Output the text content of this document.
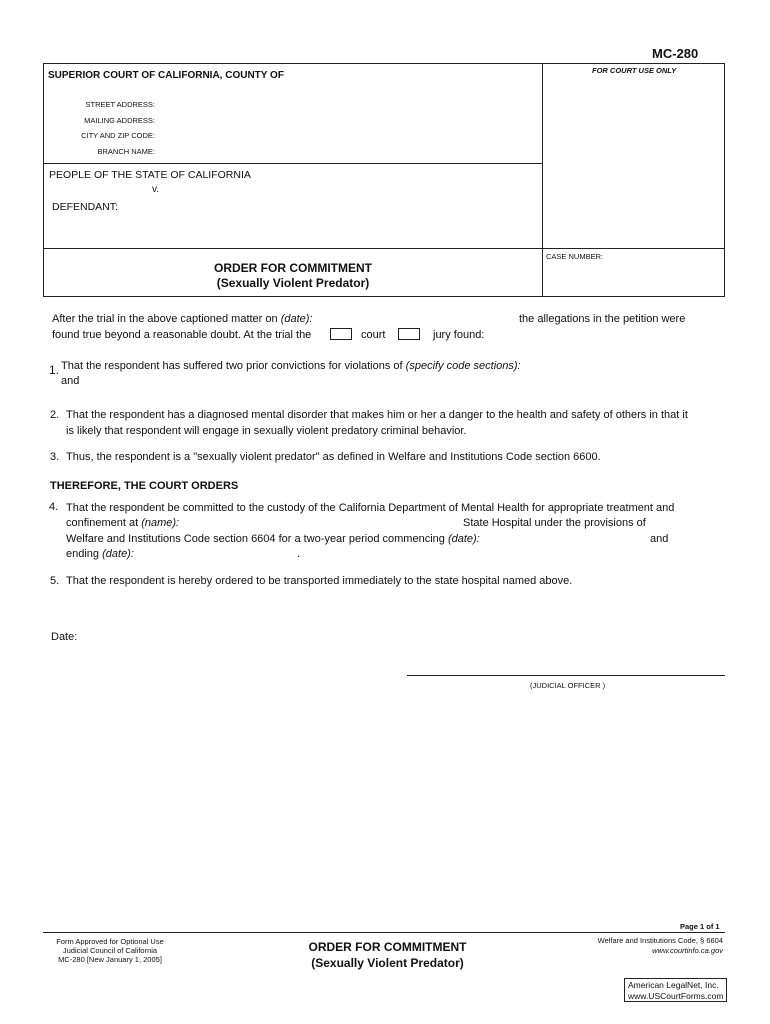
MC-280
SUPERIOR COURT OF CALIFORNIA, COUNTY OF	FOR COURT USE ONLY
STREET ADDRESS:
MAILING ADDRESS:
CITY AND ZIP CODE:
BRANCH NAME:
PEOPLE OF THE STATE OF CALIFORNIA
v.
DEFENDANT:
CASE NUMBER:
ORDER FOR COMMITMENT
(Sexually Violent Predator)
After the trial in the above captioned matter on (date):	the allegations in the petition were
found true beyond a reasonable doubt. At the trial the	court	jury found:
1. That the respondent has suffered two prior convictions for violations of (specify code sections):
and
2. That the respondent has a diagnosed mental disorder that makes him or her a danger to the health and safety of others in that it
is likely that respondent will engage in sexually violent predatory criminal behavior.
3. Thus, the respondent is a "sexually violent predator" as defined in Welfare and Institutions Code section 6600.
THEREFORE, THE COURT ORDERS
4. That the respondent be committed to the custody of the California Department of Mental Health for appropriate treatment and
confinement at (name):	State Hospital under the provisions of
Welfare and Institutions Code section 6604 for a two-year period commencing (date):	and
ending (date):	.
5. That the respondent is hereby ordered to be transported immediately to the state hospital named above.
Date:
(JUDICIAL OFFICER )
Page 1 of 1
Form Approved for Optional Use
Judicial Council of California
MC-280 [New January 1, 2005]
ORDER FOR COMMITMENT
(Sexually Violent Predator)
Welfare and Institutions Code, § 6604
www.courtinfo.ca.gov
American LegalNet, Inc.
www.USCourtForms.com
